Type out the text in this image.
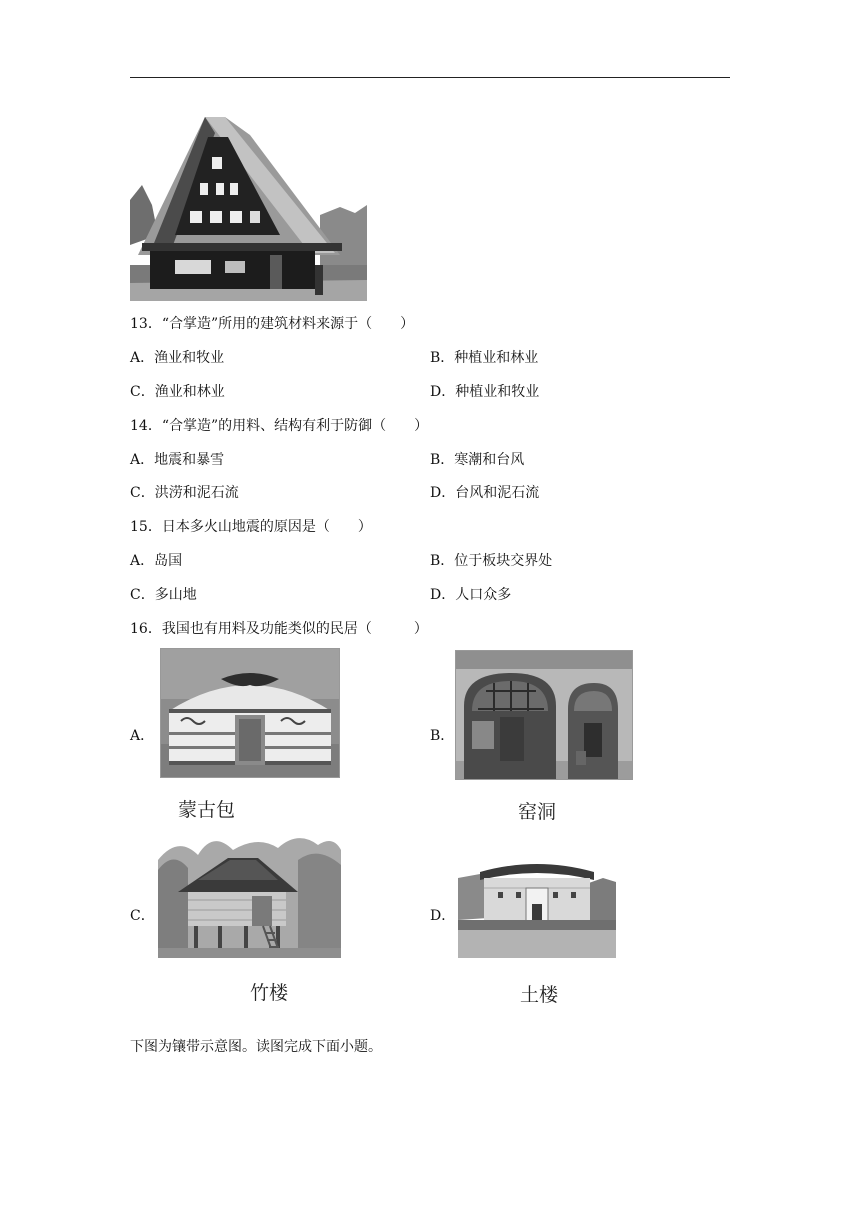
13．“合掌造”所用的建筑材料来源于（　　）
A．渔业和牧业	B．种植业和林业
C．渔业和林业	D．种植业和牧业
14．“合掌造”的用料、结构有利于防御（　　）
A．地震和暴雪	B．寒潮和台风
C．洪涝和泥石流	D．台风和泥石流
15．日本多火山地震的原因是（　　）
A．岛国	B．位于板块交界处
C．多山地	D．人口众多
16．我国也有用料及功能类似的民居（　　　）
A．
蒙古包
B．
窑洞
C．
竹楼
D．
土楼
下图为镶带示意图。读图完成下面小题。
